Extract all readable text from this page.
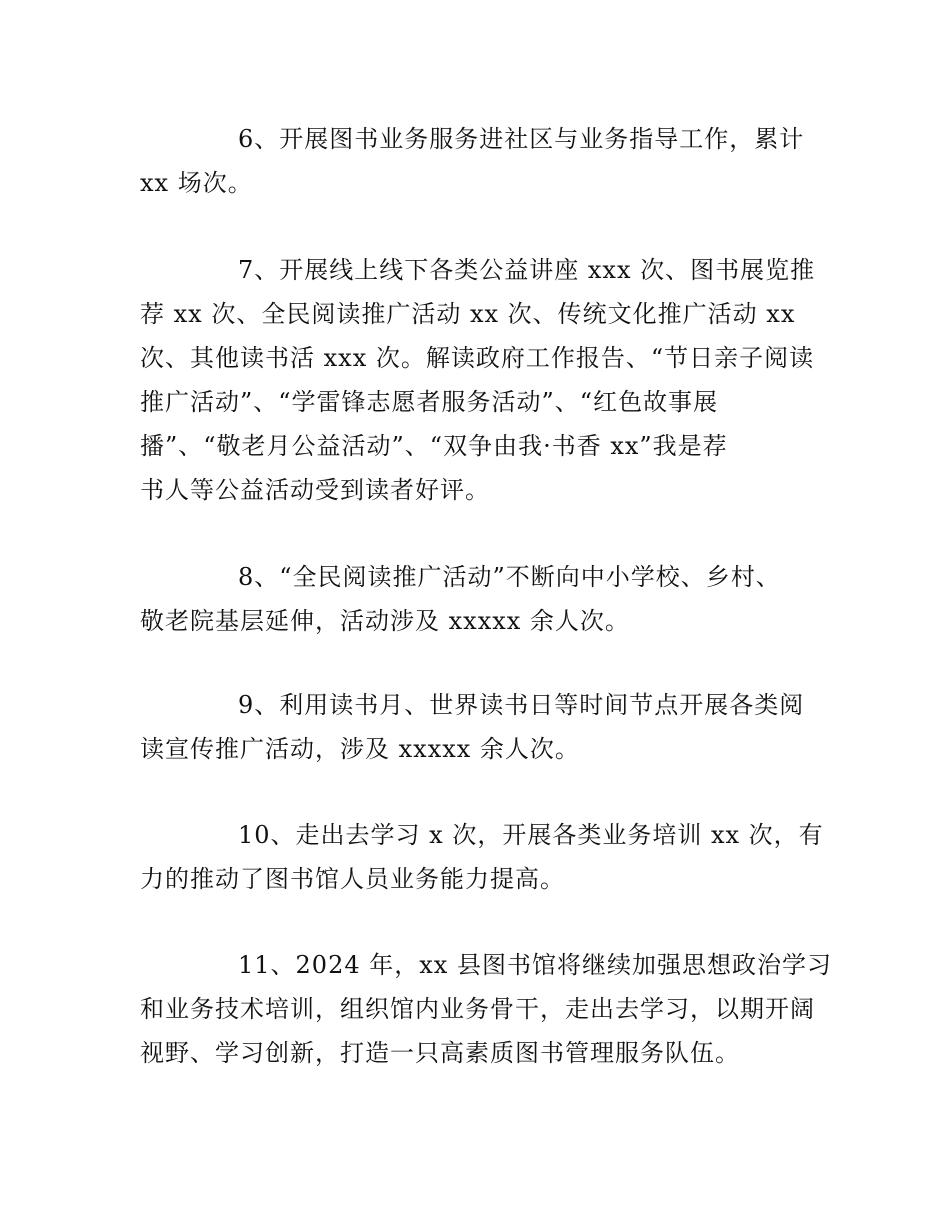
6、开展图书业务服务进社区与业务指导工作，累计
xx 场次。
7、开展线上线下各类公益讲座 xxx 次、图书展览推
荐 xx 次、全民阅读推广活动 xx 次、传统文化推广活动 xx
次、其他读书活 xxx 次。解读政府工作报告、“节日亲子阅读
推广活动”、“学雷锋志愿者服务活动”、“红色故事展
播”、“敬老月公益活动”、“双争由我·书香 xx”我是荐
书人等公益活动受到读者好评。
8、“全民阅读推广活动”不断向中小学校、乡村、
敬老院基层延伸，活动涉及 xxxxx 余人次。
9、利用读书月、世界读书日等时间节点开展各类阅
读宣传推广活动，涉及 xxxxx 余人次。
10、走出去学习 x 次，开展各类业务培训 xx 次，有
力的推动了图书馆人员业务能力提高。
11、2024 年，xx 县图书馆将继续加强思想政治学习
和业务技术培训，组织馆内业务骨干，走出去学习，以期开阔
视野、学习创新，打造一只高素质图书管理服务队伍。
